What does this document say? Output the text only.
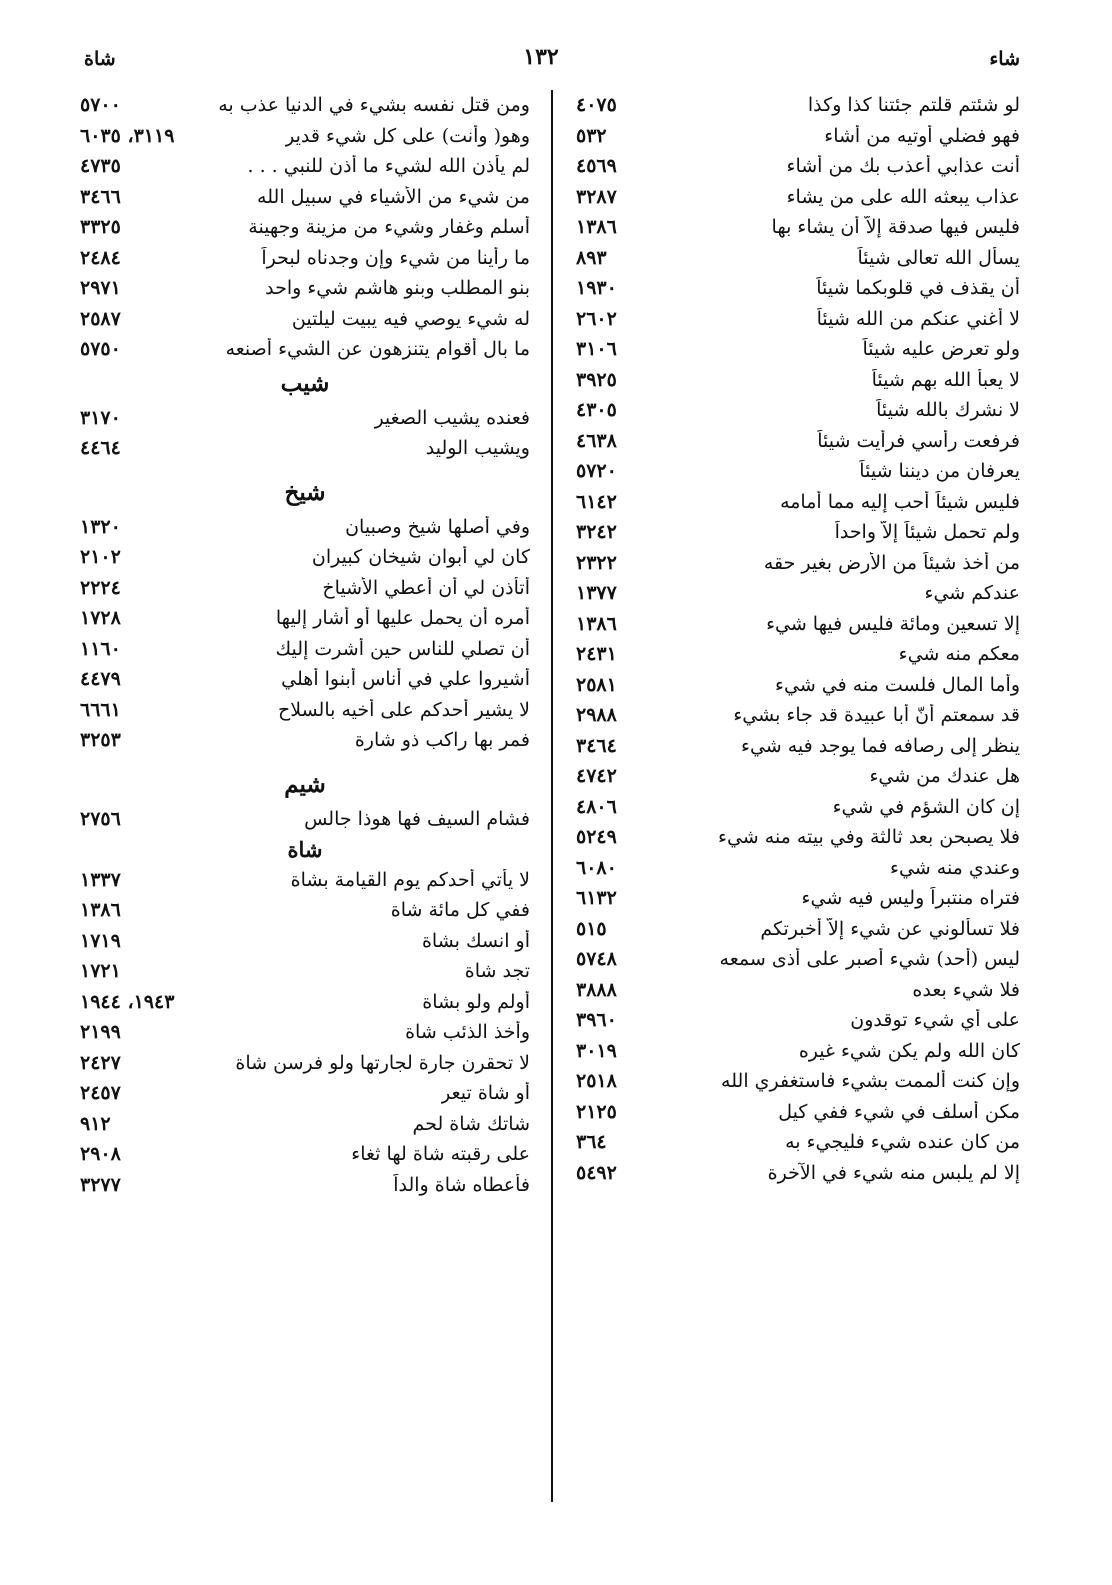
شاة	١٣٢	شاء
لو شئتم قلتم جئتنا كذا وكذا
٤٠٧٥
فهو فضلي أوتيه من أشاء
٥٣٢
أنت عذابي أعذب بك من أشاء
٤٥٦٩
عذاب يبعثه الله على من يشاء
٣٢٨٧
فليس فيها صدقة إلاَّ أن يشاء بها
١٣٨٦
يسأل الله تعالى شيئاً
٨٩٣
أن يقذف في قلوبكما شيئاً
١٩٣٠
لا أغني عنكم من الله شيئاً
٢٦٠٢
ولو تعرض عليه شيئاً
٣١٠٦
لا يعبأ الله بهم شيئاً
٣٩٢٥
لا نشرك بالله شيئاً
٤٣٠٥
فرفعت رأسي فرأيت شيئاً
٤٦٣٨
يعرفان من ديننا شيئاً
٥٧٢٠
فليس شيئاً أحب إليه مما أمامه
٦١٤٢
ولم تحمل شيئاً إلاَّ واحداً
٣٢٤٢
من أخذ شيئاً من الأرض بغير حقه
٢٣٢٢
عندكم شيء
١٣٧٧
إلا تسعين ومائة فليس فيها شيء
١٣٨٦
معكم منه شيء
٢٤٣١
وأما المال فلست منه في شيء
٢٥٨١
قد سمعتم أنّ أبا عبيدة قد جاء بشيء
٢٩٨٨
ينظر إلى رصافه فما يوجد فيه شيء
٣٤٦٤
هل عندك من شيء
٤٧٤٢
إن كان الشؤم في شيء
٤٨٠٦
فلا يصبحن بعد ثالثة وفي بيته منه شيء
٥٢٤٩
وعندي منه شيء
٦٠٨٠
فتراه منتبراً وليس فيه شيء
٦١٣٢
فلا تسألوني عن شيء إلاَّ أخبرتكم
٥١٥
ليس (أحد) شيء أصبر على أذى سمعه
٥٧٤٨
فلا شيء بعده
٣٨٨٨
على أي شيء توقدون
٣٩٦٠
كان الله ولم يكن شيء غيره
٣٠١٩
وإن كنت ألممت بشيء فاستغفري الله
٢٥١٨
مكن أسلف في شيء ففي كيل
٢١٢٥
من كان عنده شيء فليجيء به
٣٦٤
إلا لم يلبس منه شيء في الآخرة
٥٤٩٢
ومن قتل نفسه بشيء في الدنيا عذب به
٥٧٠٠
وهو( وأنت) على كل شيء قدير
٣١١٩، ٦٠٣٥
لم يأذن الله لشيء ما أذن للنبي . . .
٤٧٣٥
من شيء من الأشياء في سبيل الله
٣٤٦٦
أسلم وغفار وشيء من مزينة وجهينة
٣٣٢٥
ما رأينا من شيء وإن وجدناه لبحراً
٢٤٨٤
بنو المطلب وبنو هاشم شيء واحد
٢٩٧١
له شيء يوصي فيه يبيت ليلتين
٢٥٨٧
ما بال أقوام يتنزهون عن الشيء أصنعه
٥٧٥٠
شيب
فعنده يشيب الصغير
٣١٧٠
ويشيب الوليد
٤٤٦٤
شيخ
وفي أصلها شيخ وصبيان
١٣٢٠
كان لي أبوان شيخان كبيران
٢١٠٢
أتأذن لي أن أعطي الأشياخ
٢٢٢٤
أمره أن يحمل عليها أو أشار إليها
١٧٢٨
أن تصلي للناس حين أشرت إليك
١١٦٠
أشيروا علي في أناس أبنوا أهلي
٤٤٧٩
لا يشير أحدكم على أخيه بالسلاح
٦٦٦١
فمر بها راكب ذو شارة
٣٢٥٣
شيم
فشام السيف فها هوذا جالس
٢٧٥٦
شاة
لا يأتي أحدكم يوم القيامة بشاة
١٣٣٧
ففي كل مائة شاة
١٣٨٦
أو انسك بشاة
١٧١٩
تجد شاة
١٧٢١
أولم ولو بشاة
١٩٤٣، ١٩٤٤
وأخذ الذئب شاة
٢١٩٩
لا تحقرن جارة لجارتها ولو فرسن شاة
٢٤٢٧
أو شاة تيعر
٢٤٥٧
شاتك شاة لحم
٩١٢
على رقبته شاة لها ثغاء
٢٩٠٨
فأعطاه شاة والداً
٣٢٧٧
